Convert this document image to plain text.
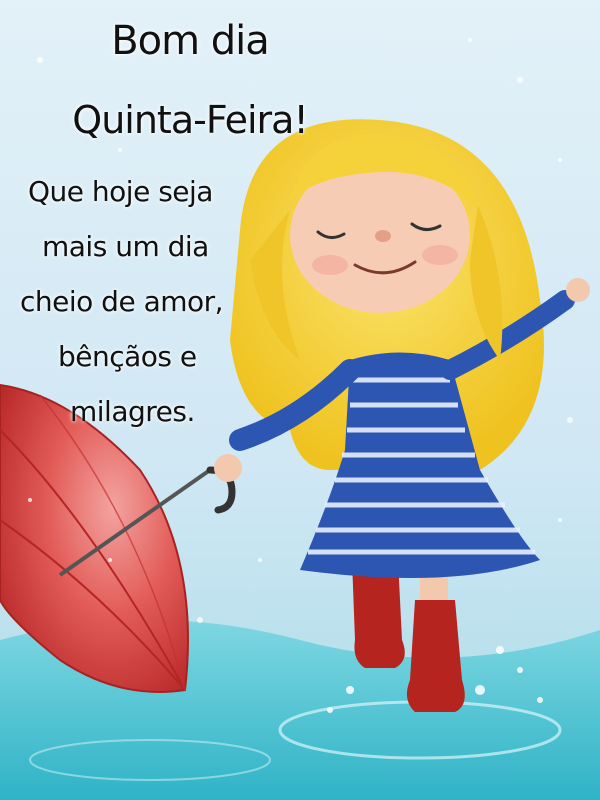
Bom dia
Quinta-Feira!
Que hoje seja
mais um dia
cheio de amor,
bênçãos e
milagres.
